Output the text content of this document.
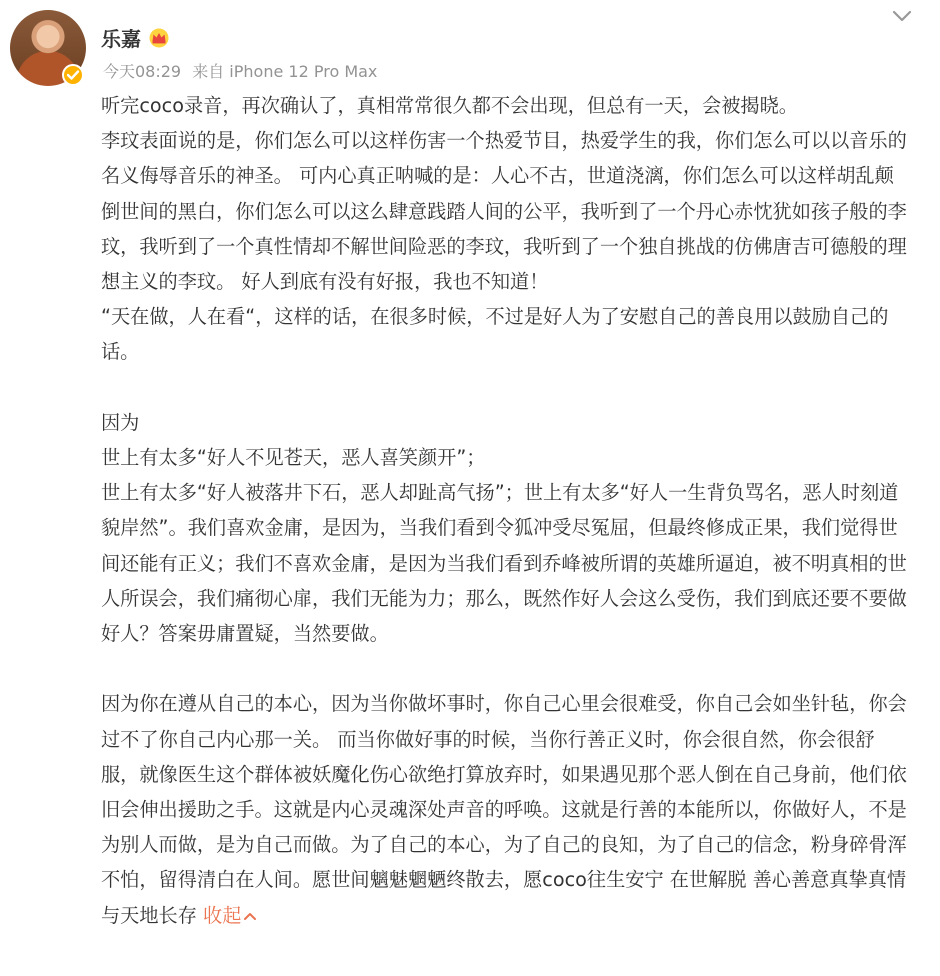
乐嘉
今天08:29 来自 iPhone 12 Pro Max

听完coco录音，再次确认了，真相常常很久都不会出现，但总有一天，会被揭晓。

李玟表面说的是，你们怎么可以这样伤害一个热爱节目，热爱学生的我，你们怎么可以以音乐的名义侮辱音乐的神圣。 可内心真正呐喊的是：人心不古，世道浇漓，你们怎么可以这样胡乱颠倒世间的黑白，你们怎么可以这么肆意践踏人间的公平，我听到了一个丹心赤忱犹如孩子般的李玟，我听到了一个真性情却不解世间险恶的李玟，我听到了一个独自挑战的仿佛唐吉可德般的理想主义的李玟。 好人到底有没有好报，我也不知道！

“天在做，人在看“，这样的话，在很多时候，不过是好人为了安慰自己的善良用以鼓励自己的话。

因为

世上有太多“好人不见苍天，恶人喜笑颜开”；

世上有太多“好人被落井下石，恶人却趾高气扬”；世上有太多“好人一生背负骂名，恶人时刻道貌岸然”。我们喜欢金庸，是因为，当我们看到令狐冲受尽冤屈，但最终修成正果，我们觉得世间还能有正义；我们不喜欢金庸，是因为当我们看到乔峰被所谓的英雄所逼迫，被不明真相的世人所误会，我们痛彻心扉，我们无能为力；那么，既然作好人会这么受伤，我们到底还要不要做好人？答案毋庸置疑，当然要做。

因为你在遵从自己的本心，因为当你做坏事时，你自己心里会很难受，你自己会如坐针毡，你会过不了你自己内心那一关。 而当你做好事的时候，当你行善正义时，你会很自然，你会很舒服，就像医生这个群体被妖魔化伤心欲绝打算放弃时，如果遇见那个恶人倒在自己身前，他们依旧会伸出援助之手。这就是内心灵魂深处声音的呼唤。这就是行善的本能所以，你做好人，不是为别人而做，是为自己而做。为了自己的本心，为了自己的良知，为了自己的信念，粉身碎骨浑不怕，留得清白在人间。愿世间魑魅魍魉终散去，愿coco往生安宁 在世解脱 善心善意真挚真情与天地长存 收起
